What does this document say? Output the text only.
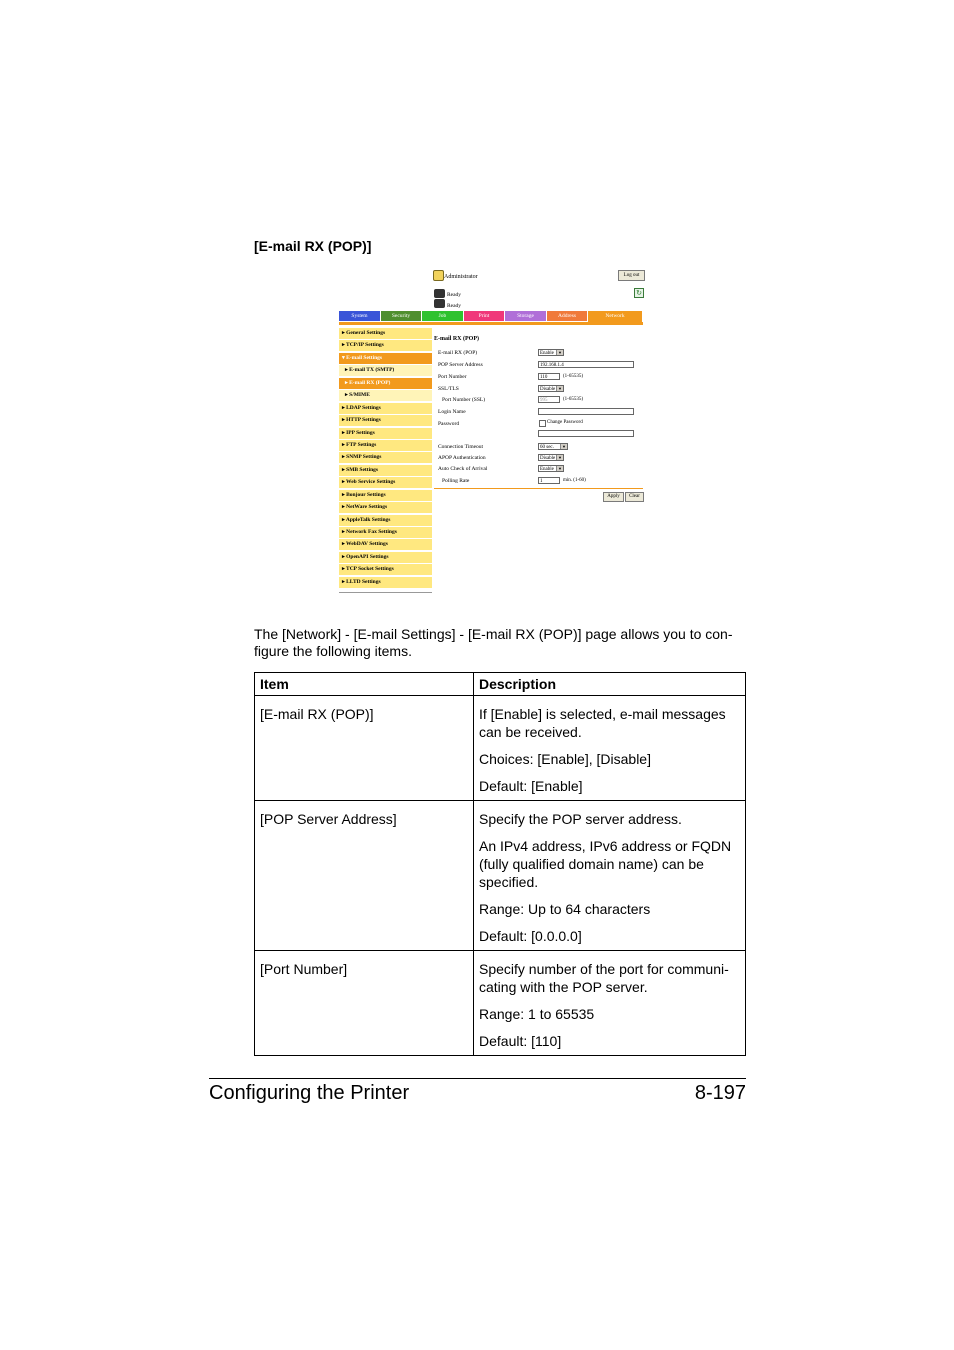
[E-mail RX (POP)]
Administrator	Log out
Ready
Ready
↻
System	Security	Job	Print	Storage	Address	Network
▸ General Settings
▸ TCP/IP Settings
▾ E-mail Settings
▸ E-mail TX (SMTP)
▸ E-mail RX (POP)
▸ S/MIME
▸ LDAP Settings
▸ HTTP Settings
▸ IPP Settings
▸ FTP Settings
▸ SNMP Settings
▸ SMB Settings
▸ Web Service Settings
▸ Bonjour Settings
▸ NetWare Settings
▸ AppleTalk Settings
▸ Network Fax Settings
▸ WebDAV Settings
▸ OpenAPI Settings
▸ TCP Socket Settings
▸ LLTD Settings
E-mail RX (POP)
E-mail RX (POP)	Enable	▼
POP Server Address	192.168.1.4
Port Number	110	(1-65535)
SSL/TLS	Disable ▼
Port Number (SSL)	995	(1-65535)
Login Name
Password	Change Password
Connection Timeout	60 sec.	▼
APOP Authentication	Disable ▼
Auto Check of Arrival	Enable	▼
Polling Rate	1	min. (1-60)
Apply	Clear
The [Network] - [E-mail Settings] - [E-mail RX (POP)] page allows you to con-figure the following items.
Item	Description
[E-mail RX (POP)]	If [Enable] is selected, e-mail messages can be received.

Choices: [Enable], [Disable]

Default: [Enable]

[POP Server Address]	Specify the POP server address.

An IPv4 address, IPv6 address or FQDN (fully qualified domain name) can be specified.

Range: Up to 64 characters

Default: [0.0.0.0]

[Port Number]	Specify number of the port for communi-cating with the POP server.

Range: 1 to 65535

Default: [110]

Configuring the Printer	8-197
